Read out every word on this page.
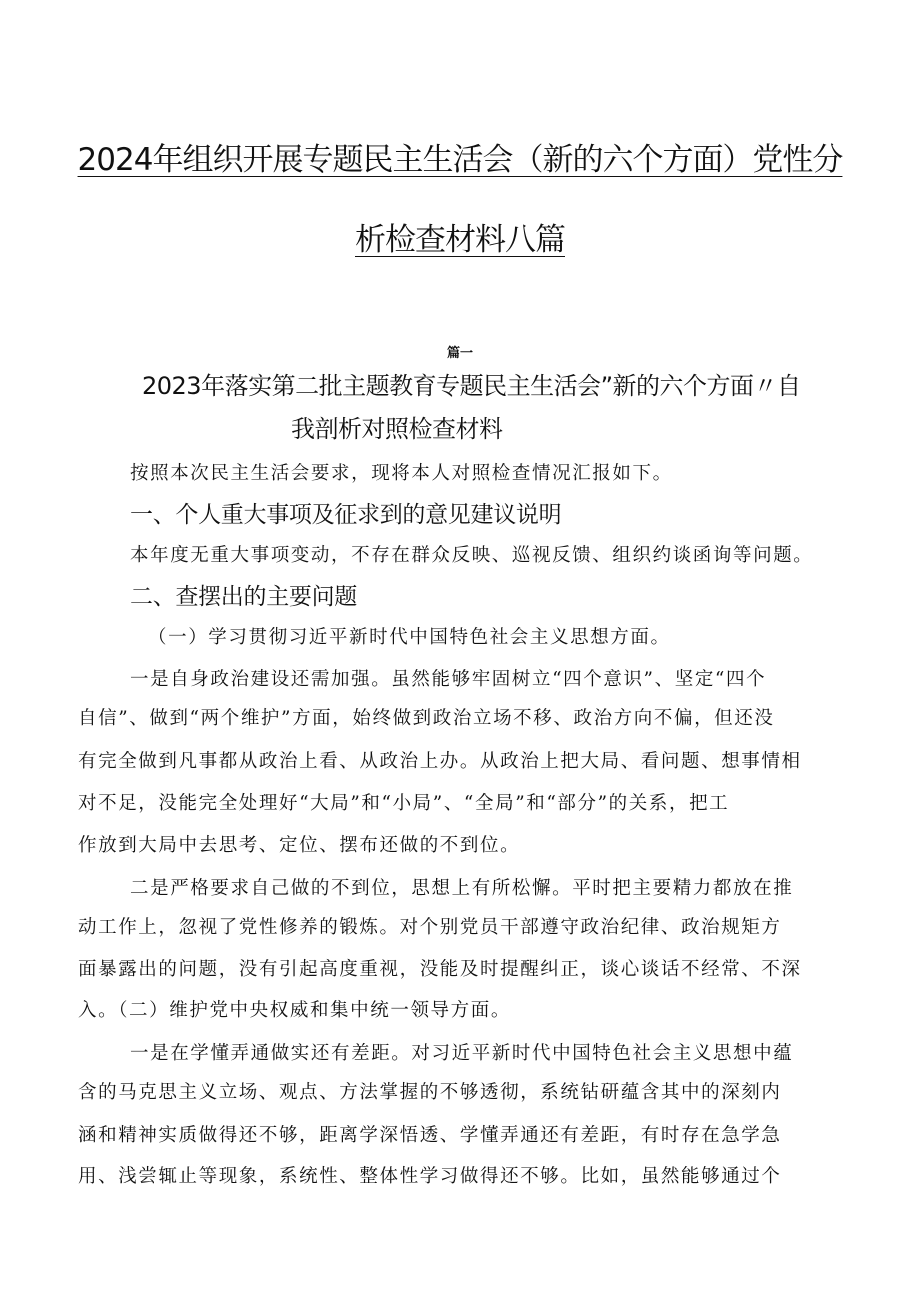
2024年组织开展专题民主生活会（新的六个方面）党性分
析检查材料八篇
篇一
2023年落实第二批主题教育专题民主生活会”新的六个方面〃自
我剖析对照检查材料
按照本次民主生活会要求，现将本人对照检查情况汇报如下。
一、个人重大事项及征求到的意见建议说明
本年度无重大事项变动，不存在群众反映、巡视反馈、组织约谈函询等问题。
二、查摆出的主要问题
（一）学习贯彻习近平新时代中国特色社会主义思想方面。
一是自身政治建设还需加强。虽然能够牢固树立“四个意识”、坚定“四个
自信”、做到“两个维护”方面，始终做到政治立场不移、政治方向不偏，但还没
有完全做到凡事都从政治上看、从政治上办。从政治上把大局、看问题、想事情相
对不足，没能完全处理好“大局”和“小局”、“全局”和“部分”的关系，把工
作放到大局中去思考、定位、摆布还做的不到位。
二是严格要求自己做的不到位，思想上有所松懈。平时把主要精力都放在推
动工作上，忽视了党性修养的锻炼。对个别党员干部遵守政治纪律、政治规矩方
面暴露出的问题，没有引起高度重视，没能及时提醒纠正，谈心谈话不经常、不深
入。（二）维护党中央权威和集中统一领导方面。
一是在学懂弄通做实还有差距。对习近平新时代中国特色社会主义思想中蕴
含的马克思主义立场、观点、方法掌握的不够透彻，系统钻研蕴含其中的深刻内
涵和精神实质做得还不够，距离学深悟透、学懂弄通还有差距，有时存在急学急
用、浅尝辄止等现象，系统性、整体性学习做得还不够。比如，虽然能够通过个
